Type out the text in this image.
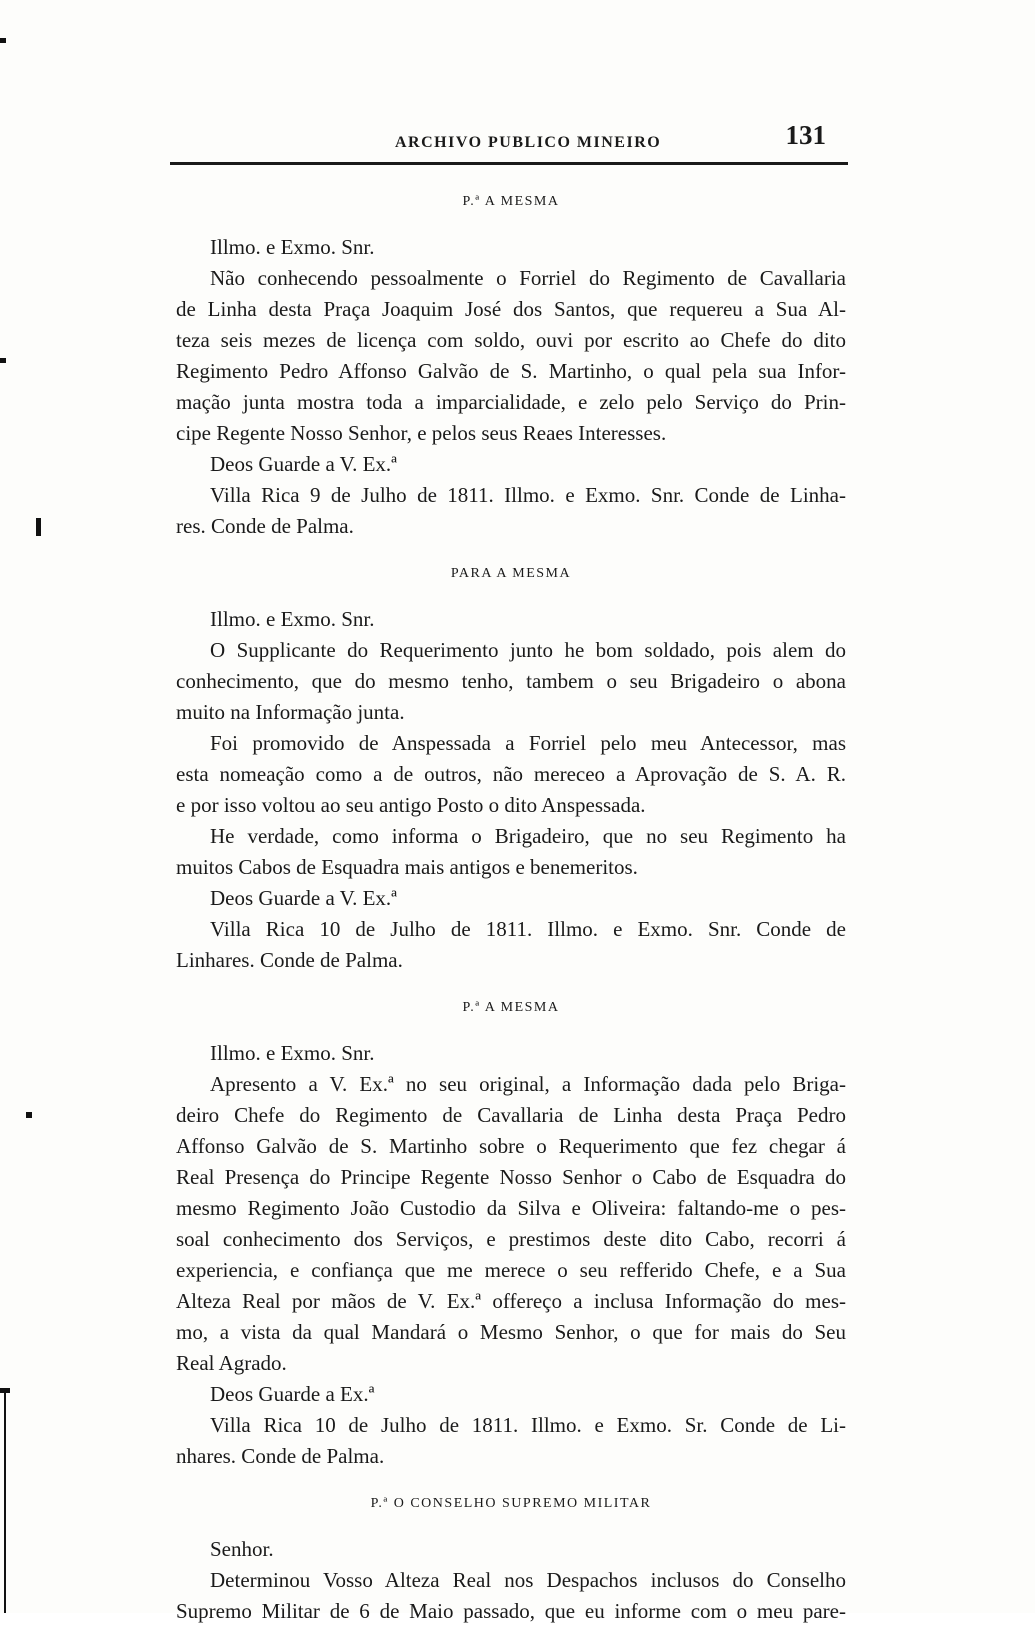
ARCHIVO PUBLICO MINEIRO	131
P.ª A MESMA
Illmo. e Exmo. Snr.
Não conhecendo pessoalmente o Forriel do Regimento de Cavallaria
de Linha desta Praça Joaquim José dos Santos, que requereu a Sua Al-
teza seis mezes de licença com soldo, ouvi por escrito ao Chefe do dito
Regimento Pedro Affonso Galvão de S. Martinho, o qual pela sua Infor-
mação junta mostra toda a imparcialidade, e zelo pelo Serviço do Prin-
cipe Regente Nosso Senhor, e pelos seus Reaes Interesses.
Deos Guarde a V. Ex.ª
Villa Rica 9 de Julho de 1811. Illmo. e Exmo. Snr. Conde de Linha-
res. Conde de Palma.
PARA A MESMA
Illmo. e Exmo. Snr.
O Supplicante do Requerimento junto he bom soldado, pois alem do
conhecimento, que do mesmo tenho, tambem o seu Brigadeiro o abona
muito na Informação junta.
Foi promovido de Anspessada a Forriel pelo meu Antecessor, mas
esta nomeação como a de outros, não mereceo a Aprovação de S. A. R.
e por isso voltou ao seu antigo Posto o dito Anspessada.
He verdade, como informa o Brigadeiro, que no seu Regimento ha
muitos Cabos de Esquadra mais antigos e benemeritos.
Deos Guarde a V. Ex.ª
Villa Rica 10 de Julho de 1811. Illmo. e Exmo. Snr. Conde de
Linhares. Conde de Palma.
P.ª A MESMA
Illmo. e Exmo. Snr.
Apresento a V. Ex.ª no seu original, a Informação dada pelo Briga-
deiro Chefe do Regimento de Cavallaria de Linha desta Praça Pedro
Affonso Galvão de S. Martinho sobre o Requerimento que fez chegar á
Real Presença do Principe Regente Nosso Senhor o Cabo de Esquadra do
mesmo Regimento João Custodio da Silva e Oliveira: faltando-me o pes-
soal conhecimento dos Serviços, e prestimos deste dito Cabo, recorri á
experiencia, e confiança que me merece o seu refferido Chefe, e a Sua
Alteza Real por mãos de V. Ex.ª offereço a inclusa Informação do mes-
mo, a vista da qual Mandará o Mesmo Senhor, o que for mais do Seu
Real Agrado.
Deos Guarde a Ex.ª
Villa Rica 10 de Julho de 1811. Illmo. e Exmo. Sr. Conde de Li-
nhares. Conde de Palma.
P.ª O CONSELHO SUPREMO MILITAR
Senhor.
Determinou Vosso Alteza Real nos Despachos inclusos do Conselho
Supremo Militar de 6 de Maio passado, que eu informe com o meu pare-
